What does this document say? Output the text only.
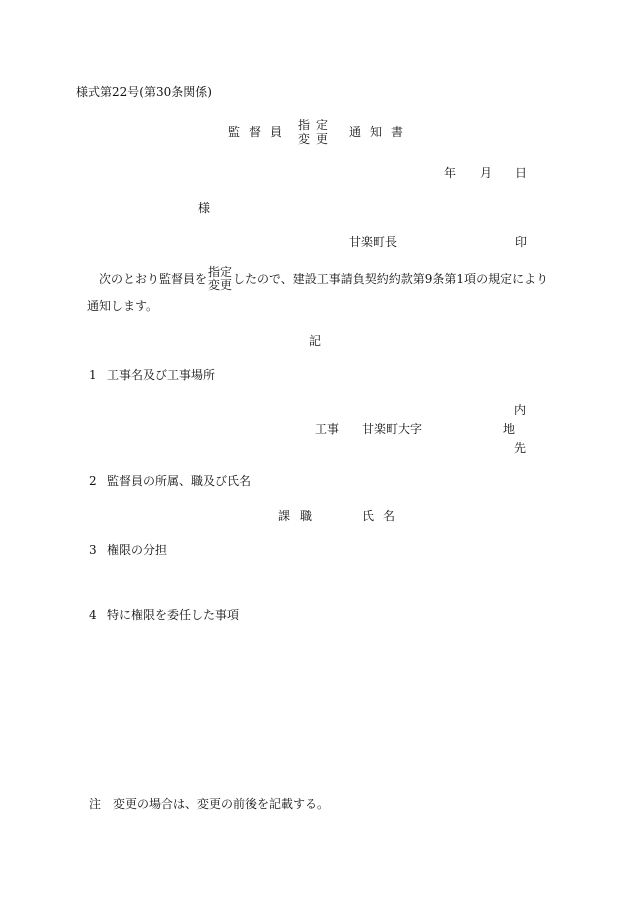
様式第22号(第30条関係)
監督員 指定
変更 通知書
年 月 日
様
甘楽町長	印
次のとおり監督員を 指定
変更 したので、建設工事請負契約約款第9条第1項の規定により
通知します。
記
1 工事名及び工事場所
工事 甘楽町大字
内
地
先
2 監督員の所属、職及び氏名
課 職	氏名
3 権限の分担
4 特に権限を委任した事項
注 変更の場合は、変更の前後を記載する。
